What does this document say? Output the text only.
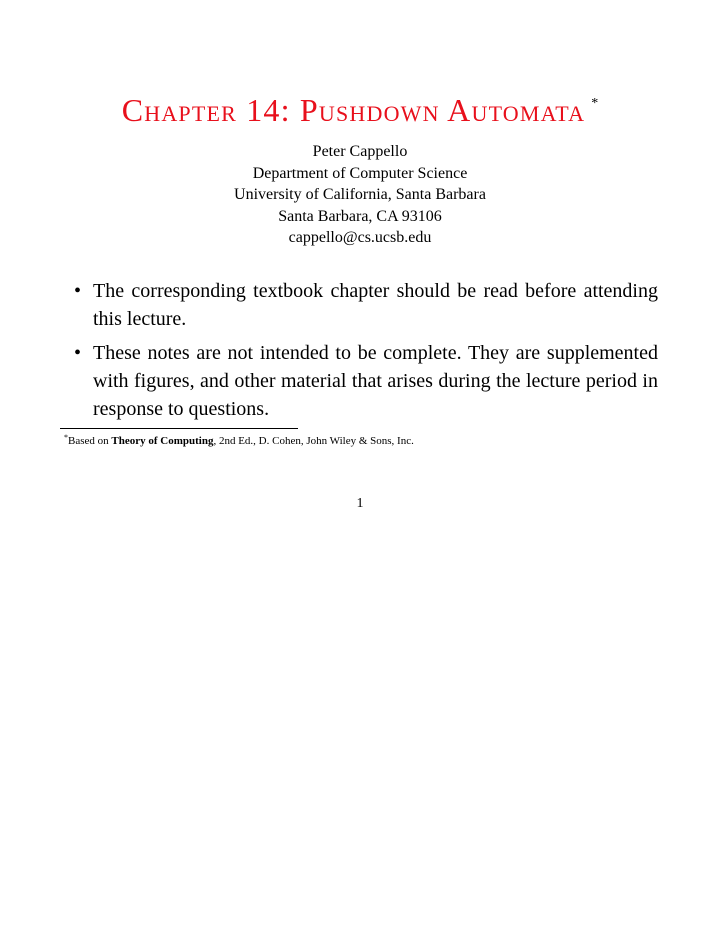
Chapter 14: Pushdown Automata *
Peter Cappello
Department of Computer Science
University of California, Santa Barbara
Santa Barbara, CA 93106
cappello@cs.ucsb.edu
• The corresponding textbook chapter should be read before attending this lecture.
• These notes are not intended to be complete. They are supplemented with figures, and other material that arises during the lecture period in response to questions.
*Based on Theory of Computing, 2nd Ed., D. Cohen, John Wiley & Sons, Inc.
1
